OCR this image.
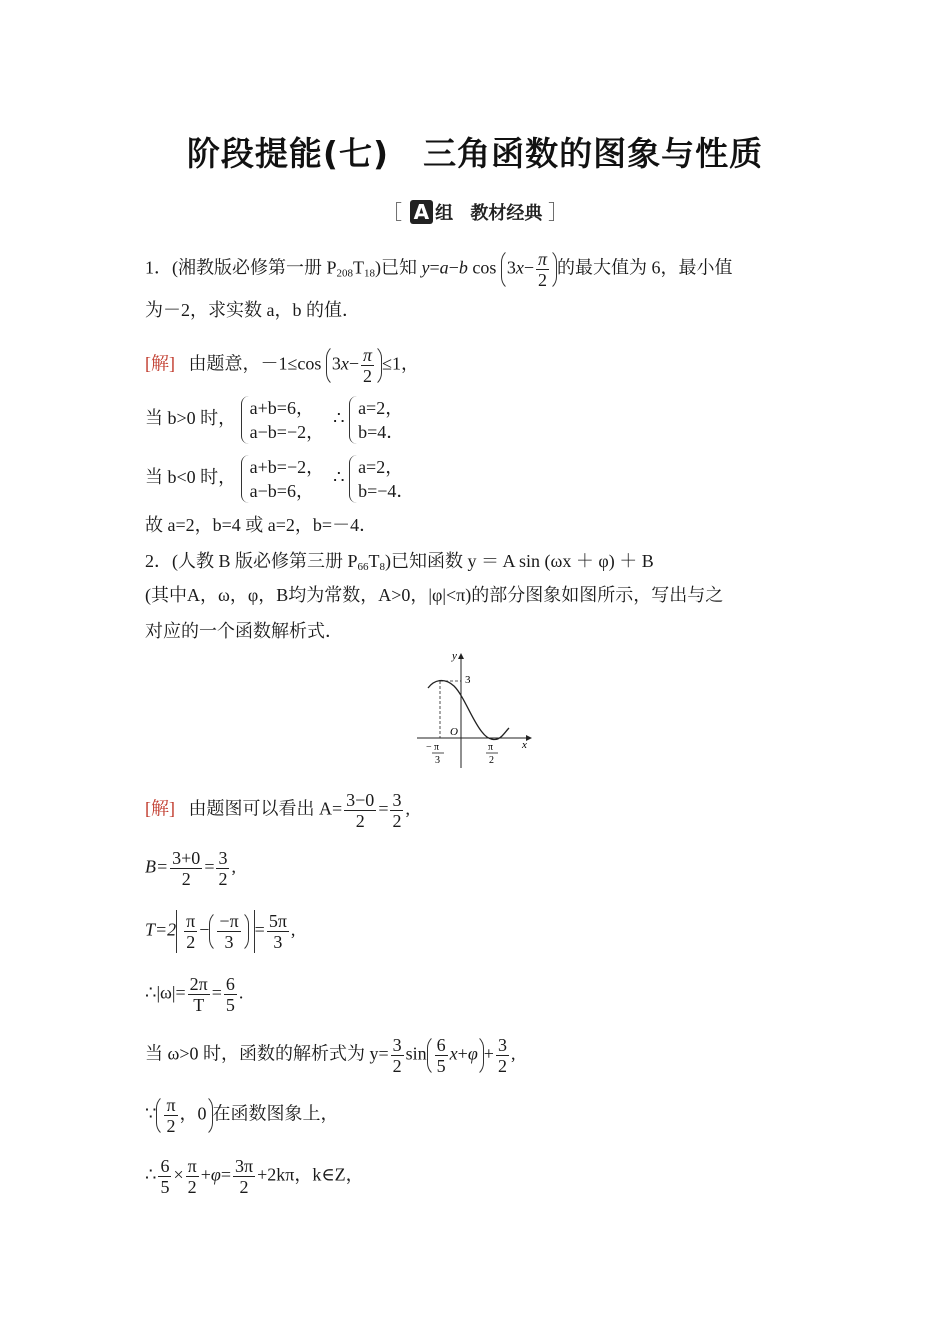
阶段提能(七)　三角函数的图象与性质
［ A 组 教材经典 ］
1．(湘教版必修第一册 $P_{208}T_{18}$)已知 y=a−b $\cos 3x- \frac{\pi}{2}$ 的最大值为 6，最小值
为－2，求实数 a，b 的值．
[解] 由题意，－1≤cos $3x- \frac{\pi}{2} \le 1$，
当 b>0 时，
a+b=6，
a−b=−2，
∴
a=2，
b=4．
当 b<0 时，
a+b=−2，
a−b=6，
∴
a=2，
b=−4．
故 a=2，b=4 或 a=2，b=－4．
2．(人教 B 版必修第三册 $P_{66}T_8$)已知函数 y ＝ A sin (ωx ＋ φ) ＋ B
(其中A，ω，φ，B均为常数，A>0，|φ|<π)的部分图象如图所示，写出与之
对应的一个函数解析式．
y
x
O
3
− π
3
π
2
[解] 由题图可以看出 $A= \frac{3-0}{2} = \frac{3}{2}$ ,
$B= \frac{3+0}{2} = \frac{3}{2}$ ,
$T=2 \frac{\pi}{2} - \frac{-\pi}{3} = \frac{5\pi}{3}$ ,
∴|ω|= $\frac{2\pi}{T} = \frac{6}{5}$ .
当 ω>0 时，函数的解析式为 $y= \frac{3}{2}$ $\sin \frac{6}{5} x+\varphi + \frac{3}{2}$ ,
∵ $\frac{\pi}{2}$ ，0 在函数图象上，
∴ $\frac{6}{5} \times \frac{\pi}{2} +\varphi= \frac{3\pi}{2} +2k\pi$，k∈Z，
